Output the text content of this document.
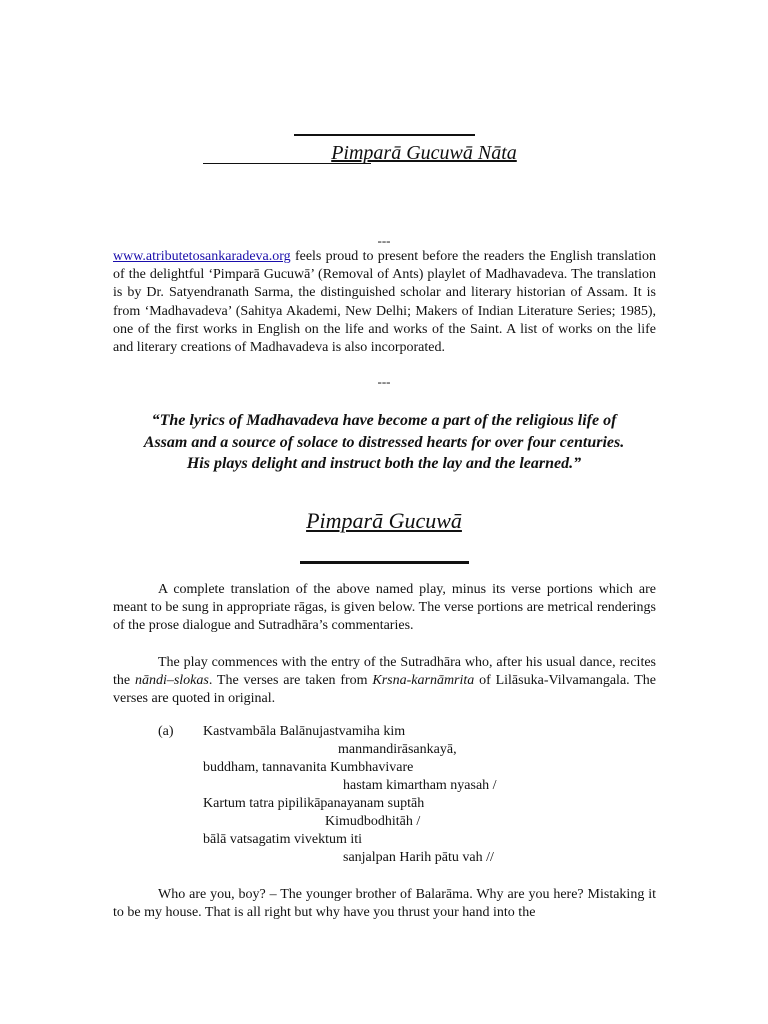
Pimparā Gucuwā Nāta
---
www.atributetosankaradeva.org feels proud to present before the readers the English translation of the delightful ‘Pimparā Gucuwā’ (Removal of Ants) playlet of Madhavadeva. The translation is by Dr. Satyendranath Sarma, the distinguished scholar and literary historian of Assam. It is from ‘Madhavadeva’ (Sahitya Akademi, New Delhi; Makers of Indian Literature Series; 1985), one of the first works in English on the life and works of the Saint. A list of works on the life and literary creations of Madhavadeva is also incorporated.
---
“The lyrics of Madhavadeva have become a part of the religious life of
Assam and a source of solace to distressed hearts for over four centuries.
His plays delight and instruct both the lay and the learned.”
Pimparā Gucuwā
A complete translation of the above named play, minus its verse portions which are meant to be sung in appropriate rāgas, is given below. The verse portions are metrical renderings of the prose dialogue and Sutradhāra’s commentaries.
The play commences with the entry of the Sutradhāra who, after his usual dance, recites the nāndi–slokas. The verses are taken from Krsna-karnāmrita of Lilāsuka-Vilvamangala. The verses are quoted in original.
(a) Kastvambāla Balānujastvamiha kim
manmandirāsankayā,
buddham, tannavanita Kumbhavivare
hastam kimartham nyasah /
Kartum tatra pipilikāpanayanam suptāh
Kimudbodhitāh /
bālā vatsagatim vivektum iti
sanjalpan Harih pātu vah //
Who are you, boy? – The younger brother of Balarāma. Why are you here? Mistaking it to be my house. That is all right but why have you thrust your hand into the
